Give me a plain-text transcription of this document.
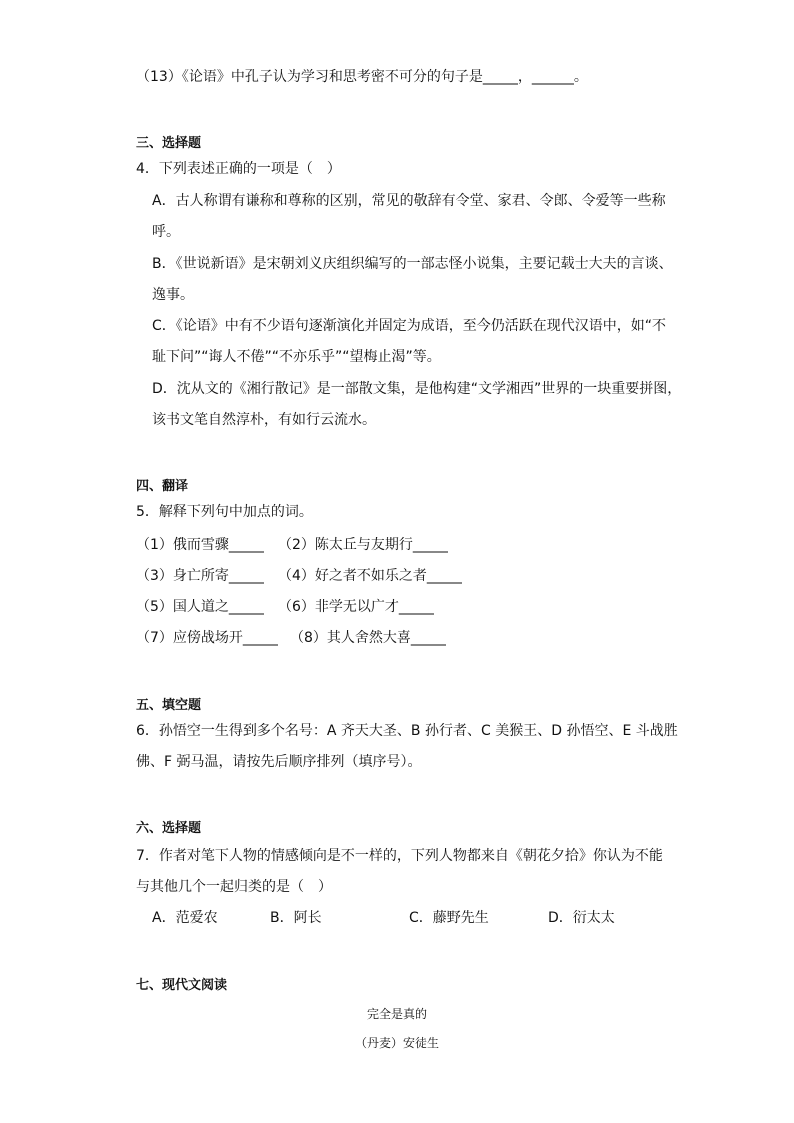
（13）《论语》中孔子认为学习和思考密不可分的句子是_____，______。
三、选择题
4．下列表述正确的一项是（　）
A．古人称谓有谦称和尊称的区别，常见的敬辞有令堂、家君、令郎、令爱等一些称
呼。
B．《世说新语》是宋朝刘义庆组织编写的一部志怪小说集，主要记载士大夫的言谈、
逸事。
C．《论语》中有不少语句逐渐演化并固定为成语，至今仍活跃在现代汉语中，如“不
耻下问”“诲人不倦”“不亦乐乎”“望梅止渴”等。
D．沈从文的《湘行散记》是一部散文集，是他构建“文学湘西”世界的一块重要拼图，
该书文笔自然淳朴，有如行云流水。
四、翻译
5．解释下列句中加点的词。
（1）俄而雪骤_____ （2）陈太丘与友期行_____
（3）身亡所寄_____ （4）好之者不如乐之者_____
（5）国人道之_____ （6）非学无以广才_____
（7）应傍战场开_____ （8）其人舍然大喜_____
五、填空题
6．孙悟空一生得到多个名号：A 齐天大圣、B 孙行者、C 美猴王、D 孙悟空、E 斗战胜
佛、F 弼马温，请按先后顺序排列（填序号）。
六、选择题
7．作者对笔下人物的情感倾向是不一样的，下列人物都来自《朝花夕拾》你认为不能
与其他几个一起归类的是（　）
A．范爱农	B．阿长	C．藤野先生	D．衍太太
七、现代文阅读
完全是真的
（丹麦）安徒生
